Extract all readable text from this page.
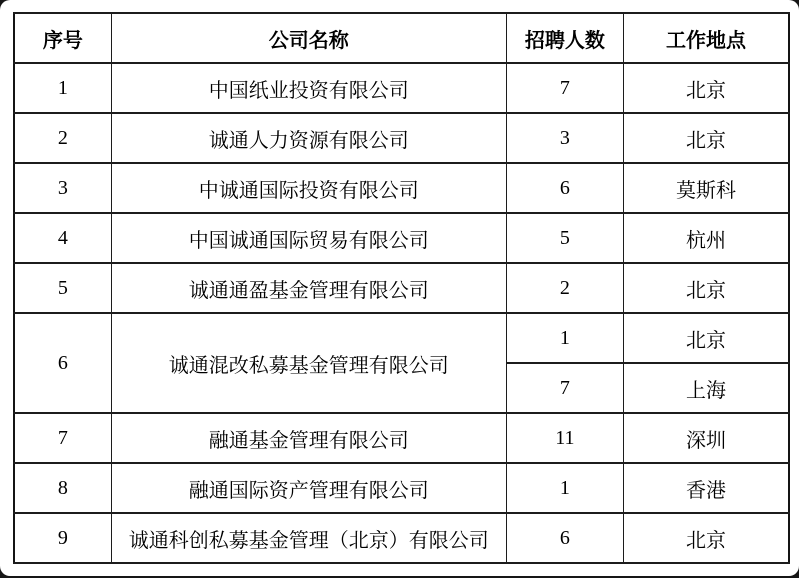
序号	公司名称	招聘人数	工作地点
1	中国纸业投资有限公司	7	北京
2	诚通人力资源有限公司	3	北京
3	中诚通国际投资有限公司	6	莫斯科
4	中国诚通国际贸易有限公司	5	杭州
5	诚通通盈基金管理有限公司	2	北京
6	诚通混改私募基金管理有限公司	1	北京
		7	上海
7	融通基金管理有限公司	11	深圳
8	融通国际资产管理有限公司	1	香港
9	诚通科创私募基金管理（北京）有限公司	6	北京
